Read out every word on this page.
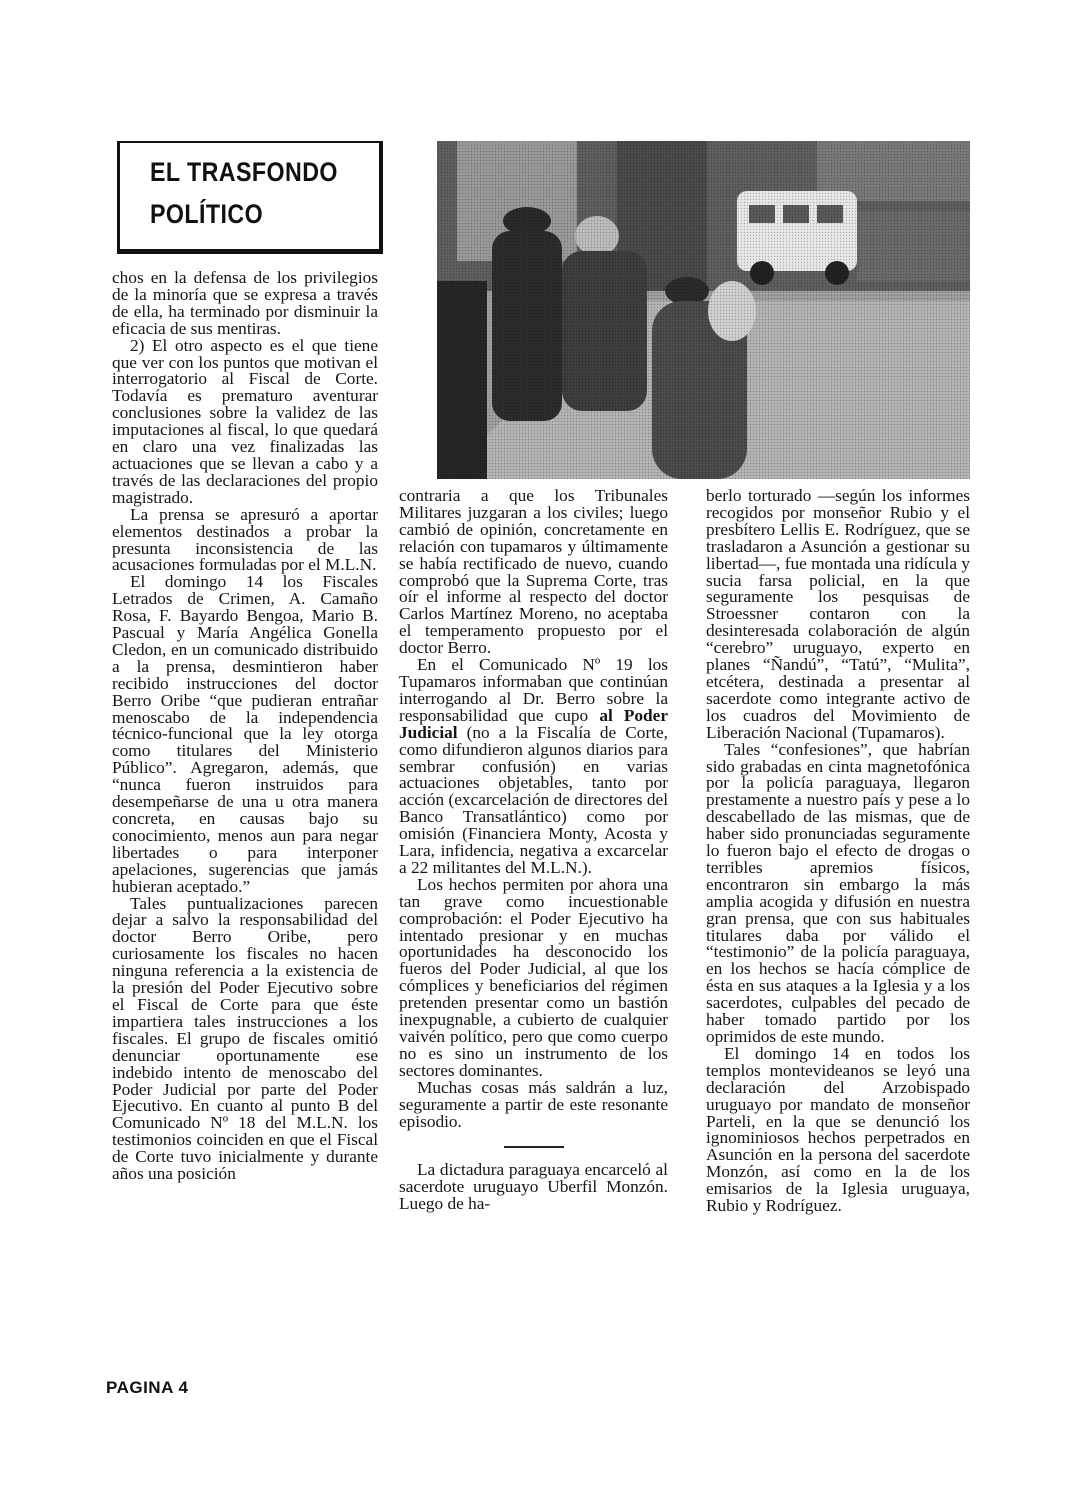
EL TRASFONDO
POLÍTICO

chos en la defensa de los privilegios de la minoría que se expresa a través de ella, ha terminado por disminuir la eficacia de sus mentiras.

2) El otro aspecto es el que tiene que ver con los puntos que motivan el interrogatorio al Fiscal de Corte. Todavía es prematuro aventurar conclusiones sobre la validez de las imputaciones al fiscal, lo que quedará en claro una vez finalizadas las actuaciones que se llevan a cabo y a través de las declaraciones del propio magistrado.

La prensa se apresuró a aportar elementos destinados a probar la presunta inconsistencia de las acusaciones formuladas por el M.L.N.

El domingo 14 los Fiscales Letrados de Crimen, A. Camaño Rosa, F. Bayardo Bengoa, Mario B. Pascual y María Angélica Gonella Cledon, en un comunicado distribuido a la prensa, desmintieron haber recibido instrucciones del doctor Berro Oribe “que pudieran entrañar menoscabo de la independencia técnico-funcional que la ley otorga como titulares del Ministerio Público”. Agregaron, además, que “nunca fueron instruidos para desempeñarse de una u otra manera concreta, en causas bajo su conocimiento, menos aun para negar libertades o para interponer apelaciones, sugerencias que jamás hubieran aceptado.”

Tales puntualizaciones parecen dejar a salvo la responsabilidad del doctor Berro Oribe, pero curiosamente los fiscales no hacen ninguna referencia a la existencia de la presión del Poder Ejecutivo sobre el Fiscal de Corte para que éste impartiera tales instrucciones a los fiscales. El grupo de fiscales omitió denunciar oportunamente ese indebido intento de menoscabo del Poder Judicial por parte del Poder Ejecutivo. En cuanto al punto B del Comunicado Nº 18 del M.L.N. los testimonios coinciden en que el Fiscal de Corte tuvo inicialmente y durante años una posición

contraria a que los Tribunales Militares juzgaran a los civiles; luego cambió de opinión, concretamente en relación con tupamaros y últimamente se había rectificado de nuevo, cuando comprobó que la Suprema Corte, tras oír el informe al respecto del doctor Carlos Martínez Moreno, no aceptaba el temperamento propuesto por el doctor Berro.

En el Comunicado Nº 19 los Tupamaros informaban que continúan interrogando al Dr. Berro sobre la responsabilidad que cupo al Poder Judicial (no a la Fiscalía de Corte, como difundieron algunos diarios para sembrar confusión) en varias actuaciones objetables, tanto por acción (excarcelación de directores del Banco Transatlántico) como por omisión (Financiera Monty, Acosta y Lara, infidencia, negativa a excarcelar a 22 militantes del M.L.N.).

Los hechos permiten por ahora una tan grave como incuestionable comprobación: el Poder Ejecutivo ha intentado presionar y en muchas oportunidades ha desconocido los fueros del Poder Judicial, al que los cómplices y beneficiarios del régimen pretenden presentar como un bastión inexpugnable, a cubierto de cualquier vaivén político, pero que como cuerpo no es sino un instrumento de los sectores dominantes.

Muchas cosas más saldrán a luz, seguramente a partir de este resonante episodio.

La dictadura paraguaya encarceló al sacerdote uruguayo Uberfil Monzón. Luego de ha-

berlo torturado —según los informes recogidos por monseñor Rubio y el presbítero Lellis E. Rodríguez, que se trasladaron a Asunción a gestionar su libertad—, fue montada una ridícula y sucia farsa policial, en la que seguramente los pesquisas de Stroessner contaron con la desinteresada colaboración de algún “cerebro” uruguayo, experto en planes “Ñandú”, “Tatú”, “Mulita”, etcétera, destinada a presentar al sacerdote como integrante activo de los cuadros del Movimiento de Liberación Nacional (Tupamaros).

Tales “confesiones”, que habrían sido grabadas en cinta magnetofónica por la policía paraguaya, llegaron prestamente a nuestro país y pese a lo descabellado de las mismas, que de haber sido pronunciadas seguramente lo fueron bajo el efecto de drogas o terribles apremios físicos, encontraron sin embargo la más amplia acogida y difusión en nuestra gran prensa, que con sus habituales titulares daba por válido el “testimonio” de la policía paraguaya, en los hechos se hacía cómplice de ésta en sus ataques a la Iglesia y a los sacerdotes, culpables del pecado de haber tomado partido por los oprimidos de este mundo.

El domingo 14 en todos los templos montevideanos se leyó una declaración del Arzobispado uruguayo por mandato de monseñor Parteli, en la que se denunció los ignominiosos hechos perpetrados en Asunción en la persona del sacerdote Monzón, así como en la de los emisarios de la Iglesia uruguaya, Rubio y Rodríguez.

PAGINA 4
